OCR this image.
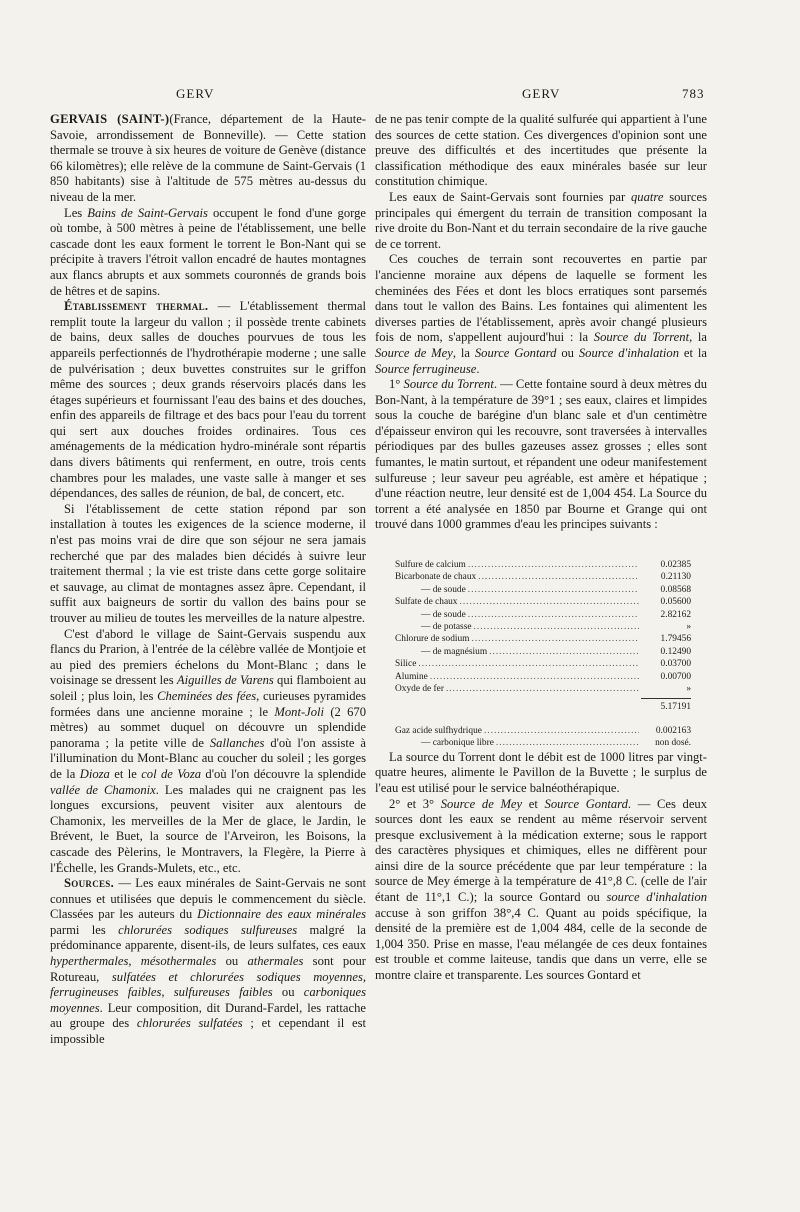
GERV	GERV	783

GERVAIS (SAINT-)(France, département de la Haute-Savoie, arrondissement de Bonneville). — Cette station thermale se trouve à six heures de voiture de Genève (distance 66 kilomètres); elle relève de la commune de Saint-Gervais (1 850 habitants) sise à l'altitude de 575 mètres au-dessus du niveau de la mer.

Les Bains de Saint-Gervais occupent le fond d'une gorge où tombe, à 500 mètres à peine de l'établissement, une belle cascade dont les eaux forment le torrent le Bon-Nant qui se précipite à travers l'étroit vallon encadré de hautes montagnes aux flancs abrupts et aux sommets couronnés de grands bois de hêtres et de sapins.

Établissement thermal. — L'établissement thermal remplit toute la largeur du vallon ; il possède trente cabinets de bains, deux salles de douches pourvues de tous les appareils perfectionnés de l'hydrothérapie moderne ; une salle de pulvérisation ; deux buvettes construites sur le griffon même des sources ; deux grands réservoirs placés dans les étages supérieurs et fournissant l'eau des bains et des douches, enfin des appareils de filtrage et des bacs pour l'eau du torrent qui sert aux douches froides ordinaires. Tous ces aménagements de la médication hydro-minérale sont répartis dans divers bâtiments qui renferment, en outre, trois cents chambres pour les malades, une vaste salle à manger et ses dépendances, des salles de réunion, de bal, de concert, etc.

Si l'établissement de cette station répond par son installation à toutes les exigences de la science moderne, il n'est pas moins vrai de dire que son séjour ne sera jamais recherché que par des malades bien décidés à suivre leur traitement thermal ; la vie est triste dans cette gorge solitaire et sauvage, au climat de montagnes assez âpre. Cependant, il suffit aux baigneurs de sortir du vallon des bains pour se trouver au milieu de toutes les merveilles de la nature alpestre.

C'est d'abord le village de Saint-Gervais suspendu aux flancs du Prarion, à l'entrée de la célèbre vallée de Montjoie et au pied des premiers échelons du Mont-Blanc ; dans le voisinage se dressent les Aiguilles de Varens qui flamboient au soleil ; plus loin, les Cheminées des fées, curieuses pyramides formées dans une ancienne moraine ; le Mont-Joli (2 670 mètres) au sommet duquel on découvre un splendide panorama ; la petite ville de Sallanches d'où l'on assiste à l'illumination du Mont-Blanc au coucher du soleil ; les gorges de la Dioza et le col de Voza d'où l'on découvre la splendide vallée de Chamonix. Les malades qui ne craignent pas les longues excursions, peuvent visiter aux alentours de Chamonix, les merveilles de la Mer de glace, le Jardin, le Brévent, le Buet, la source de l'Arveiron, les Boisons, la cascade des Pèlerins, le Montravers, la Flegère, la Pierre à l'Échelle, les Grands-Mulets, etc., etc.

Sources. — Les eaux minérales de Saint-Gervais ne sont connues et utilisées que depuis le commencement du siècle. Classées par les auteurs du Dictionnaire des eaux minérales parmi les chlorurées sodiques sulfureuses malgré la prédominance apparente, disent-ils, de leurs sulfates, ces eaux hyperthermales, mésothermales ou athermales sont pour Rotureau, sulfatées et chlorurées sodiques moyennes, ferrugineuses faibles, sulfureuses faibles ou carboniques moyennes. Leur composition, dit Durand-Fardel, les rattache au groupe des chlorurées sulfatées ; et cependant il est impossible

de ne pas tenir compte de la qualité sulfurée qui appartient à l'une des sources de cette station. Ces divergences d'opinion sont une preuve des difficultés et des incertitudes que présente la classification méthodique des eaux minérales basée sur leur constitution chimique.

Les eaux de Saint-Gervais sont fournies par quatre sources principales qui émergent du terrain de transition composant la rive droite du Bon-Nant et du terrain secondaire de la rive gauche de ce torrent.

Ces couches de terrain sont recouvertes en partie par l'ancienne moraine aux dépens de laquelle se forment les cheminées des Fées et dont les blocs erratiques sont parsemés dans tout le vallon des Bains. Les fontaines qui alimentent les diverses parties de l'établissement, après avoir changé plusieurs fois de nom, s'appellent aujourd'hui : la Source du Torrent, la Source de Mey, la Source Gontard ou Source d'inhalation et la Source ferrugineuse.

1° Source du Torrent. — Cette fontaine sourd à deux mètres du Bon-Nant, à la température de 39°1 ; ses eaux, claires et limpides sous la couche de barégine d'un blanc sale et d'un centimètre d'épaisseur environ qui les recouvre, sont traversées à intervalles périodiques par des bulles gazeuses assez grosses ; elles sont fumantes, le matin surtout, et répandent une odeur manifestement sulfureuse ; leur saveur peu agréable, est amère et hépatique ; d'une réaction neutre, leur densité est de 1,004 454. La Source du torrent a été analysée en 1850 par Bourne et Grange qui ont trouvé dans 1000 grammes d'eau les principes suivants :

Sulfure de calcium .....	0.02385
Bicarbonate de chaux .....	0.21130
— de soude .....	0.08568
Sulfate de chaux .....	0.05600
— de soude .....	2.82162
— de potasse .....	»
Chlorure de sodium .....	1.79456
— de magnésium .....	0.12490
Silice .....	0.03700
Alumine .....	0.00700
Oxyde de fer .....	»
5.17191
Gaz acide sulfhydrique .....	0.002163
— carbonique libre .....	non dosé.

La source du Torrent dont le débit est de 1000 litres par vingt-quatre heures, alimente le Pavillon de la Buvette ; le surplus de l'eau est utilisé pour le service balnéothérapique.

2° et 3° Source de Mey et Source Gontard. — Ces deux sources dont les eaux se rendent au même réservoir servent presque exclusivement à la médication externe; sous le rapport des caractères physiques et chimiques, elles ne diffèrent pour ainsi dire de la source précédente que par leur température : la source de Mey émerge à la température de 41°,8 C. (celle de l'air étant de 11°,1 C.); la source Gontard ou source d'inhalation accuse à son griffon 38°,4 C. Quant au poids spécifique, la densité de la première est de 1,004 484, celle de la seconde de 1,004 350. Prise en masse, l'eau mélangée de ces deux fontaines est trouble et comme laiteuse, tandis que dans un verre, elle se montre claire et transparente. Les sources Gontard et
